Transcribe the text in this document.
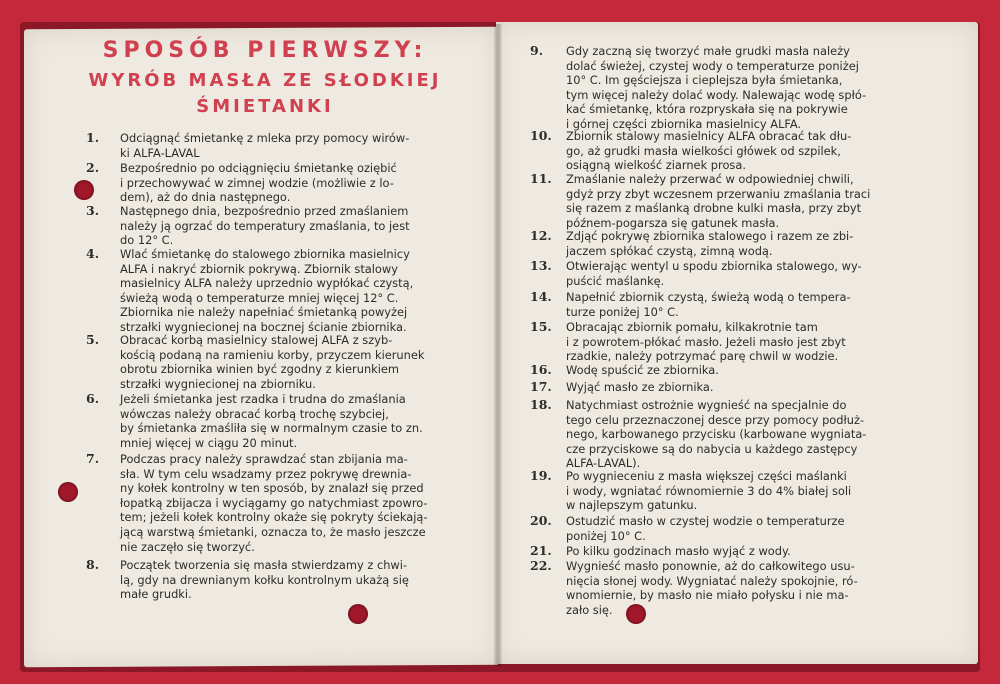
SPOSÓB PIERWSZY:
WYRÓB MASŁA ZE SŁODKIEJ
ŚMIETANKI
1.	Odciągnąć śmietankę z mleka przy pomocy wirów-
ki ALFA-LAVAL
2.	Bezpośrednio po odciągnięciu śmietankę oziębić
i przechowywać w zimnej wodzie (możliwie z lo-
dem), aż do dnia następnego.
3.	Następnego dnia, bezpośrednio przed zmaślaniem
należy ją ogrzać do temperatury zmaślania, to jest
do 12° C.
4.	Wlać śmietankę do stalowego zbiornika masielnicy
ALFA i nakryć zbiornik pokrywą. Zbiornik stalowy
masielnicy ALFA należy uprzednio wypłókać czystą,
świeżą wodą o temperaturze mniej więcej 12° C.
Zbiornika nie należy napełniać śmietanką powyżej
strzałki wygniecionej na bocznej ścianie zbiornika.
5.	Obracać korbą masielnicy stalowej ALFA z szyb-
kością podaną na ramieniu korby, przyczem kierunek
obrotu zbiornika winien być zgodny z kierunkiem
strzałki wygniecionej na zbiorniku.
6.	Jeżeli śmietanka jest rzadka i trudna do zmaślania
wówczas należy obracać korbą trochę szybciej,
by śmietanka zmaśliła się w normalnym czasie to zn.
mniej więcej w ciągu 20 minut.
7.	Podczas pracy należy sprawdzać stan zbijania ma-
sła. W tym celu wsadzamy przez pokrywę drewnia-
ny kołek kontrolny w ten sposób, by znalazł się przed
łopatką zbijacza i wyciągamy go natychmiast zpowro-
tem; jeżeli kołek kontrolny okaże się pokryty ściekają-
jącą warstwą śmietanki, oznacza to, że masło jeszcze
nie zaczęło się tworzyć.
8.	Początek tworzenia się masła stwierdzamy z chwi-
lą, gdy na drewnianym kołku kontrolnym ukażą się
małe grudki.
9.	Gdy zaczną się tworzyć małe grudki masła należy
dolać świeżej, czystej wody o temperaturze poniżej
10° C. Im gęściejsza i cieplejsza była śmietanka,
tym więcej należy dolać wody. Nalewając wodę spłó-
kać śmietankę, która rozpryskała się na pokrywie
i górnej części zbiornika masielnicy ALFA.
10.	Zbiornik stalowy masielnicy ALFA obracać tak dłu-
go, aż grudki masła wielkości główek od szpilek,
osiągną wielkość ziarnek prosa.
11.	Zmaślanie należy przerwać w odpowiedniej chwili,
gdyż przy zbyt wczesnem przerwaniu zmaślania traci
się razem z maślanką drobne kulki masła, przy zbyt
późnem-pogarsza się gatunek masła.
12.	Zdjąć pokrywę zbiornika stalowego i razem ze zbi-
jaczem spłókać czystą, zimną wodą.
13.	Otwierając wentyl u spodu zbiornika stalowego, wy-
puścić maślankę.
14.	Napełnić zbiornik czystą, świeżą wodą o tempera-
turze poniżej 10° C.
15.	Obracając zbiornik pomału, kilkakrotnie tam
i z powrotem-płókać masło. Jeżeli masło jest zbyt
rzadkie, należy potrzymać parę chwil w wodzie.
16.	Wodę spuścić ze zbiornika.
17.	Wyjąć masło ze zbiornika.
18.	Natychmiast ostrożnie wygnieść na specjalnie do
tego celu przeznaczonej desce przy pomocy podłuż-
nego, karbowanego przycisku (karbowane wygniata-
cze przyciskowe są do nabycia u każdego zastępcy
ALFA-LAVAL).
19.	Po wygnieceniu z masła większej części maślanki
i wody, wgniatać równomiernie 3 do 4% białej soli
w najlepszym gatunku.
20.	Ostudzić masło w czystej wodzie o temperaturze
poniżej 10° C.
21.	Po kilku godzinach masło wyjąć z wody.
22.	Wygnieść masło ponownie, aż do całkowitego usu-
nięcia słonej wody. Wygniatać należy spokojnie, ró-
wnomiernie, by masło nie miało połysku i nie ma-
zało się.
